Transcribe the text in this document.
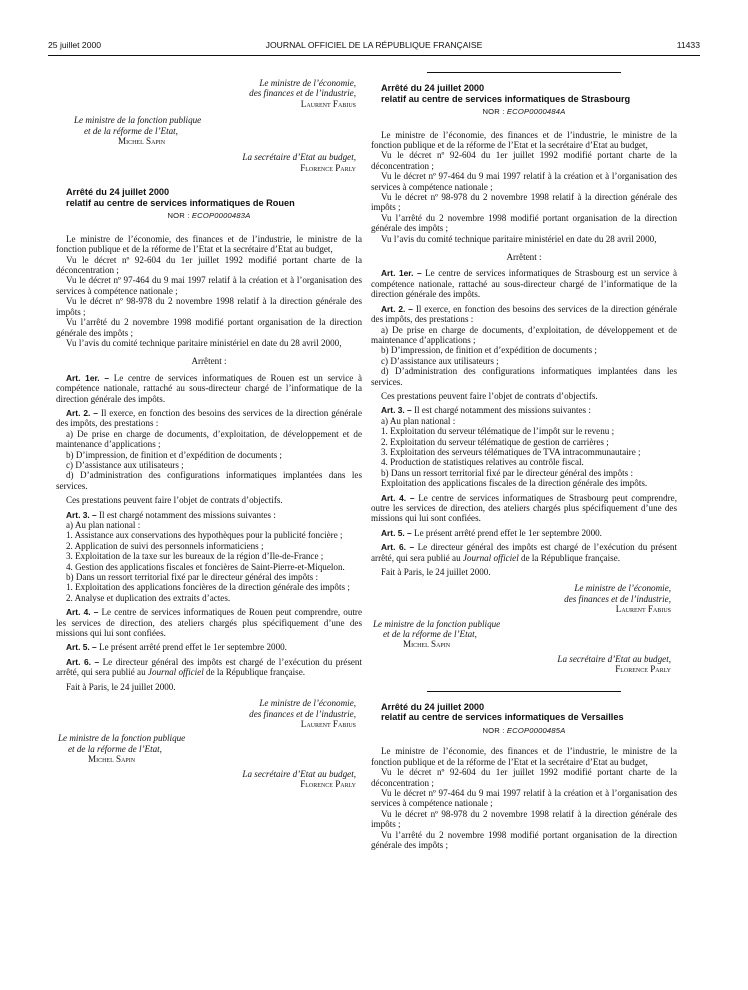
25 juillet 2000	JOURNAL OFFICIEL DE LA RÉPUBLIQUE FRANÇAISE	11433
Le ministre de l’économie,
des finances et de l’industrie,
Laurent Fabius
Le ministre de la fonction publique
et de la réforme de l’Etat,
Michel Sapin
La secrétaire d’Etat au budget,
Florence Parly

Arrêté du 24 juillet 2000

relatif au centre de services informatiques de Rouen

NOR : ECOP0000483A

Le ministre de l’économie, des finances et de l’industrie, le ministre de la fonction publique et de la réforme de l’Etat et la secrétaire d’Etat au budget,

Vu le décret nº 92-604 du 1er juillet 1992 modifié portant charte de la déconcentration ;

Vu le décret nº 97-464 du 9 mai 1997 relatif à la création et à l’organisation des services à compétence nationale ;

Vu le décret nº 98-978 du 2 novembre 1998 relatif à la direction générale des impôts ;

Vu l’arrêté du 2 novembre 1998 modifié portant organisation de la direction générale des impôts ;

Vu l’avis du comité technique paritaire ministériel en date du 28 avril 2000,

Arrêtent :

Art. 1er. – Le centre de services informatiques de Rouen est un service à compétence nationale, rattaché au sous-directeur chargé de l’informatique de la direction générale des impôts.

Art. 2. – Il exerce, en fonction des besoins des services de la direction générale des impôts, des prestations :

a) De prise en charge de documents, d’exploitation, de développement et de maintenance d’applications ;

b) D’impression, de finition et d’expédition de documents ;

c) D’assistance aux utilisateurs ;

d) D’administration des configurations informatiques implantées dans les services.

Ces prestations peuvent faire l’objet de contrats d’objectifs.

Art. 3. – Il est chargé notamment des missions suivantes :

a) Au plan national :

1. Assistance aux conservations des hypothèques pour la publicité foncière ;

2. Application de suivi des personnels informaticiens ;

3. Exploitation de la taxe sur les bureaux de la région d’Ile-de-France ;

4. Gestion des applications fiscales et foncières de Saint-Pierre-et-Miquelon.

b) Dans un ressort territorial fixé par le directeur général des impôts :

1. Exploitation des applications foncières de la direction générale des impôts ;

2. Analyse et duplication des extraits d’actes.

Art. 4. – Le centre de services informatiques de Rouen peut comprendre, outre les services de direction, des ateliers chargés plus spécifiquement d’une des missions qui lui sont confiées.

Art. 5. – Le présent arrêté prend effet le 1er septembre 2000.

Art. 6. – Le directeur général des impôts est chargé de l’exécution du présent arrêté, qui sera publié au Journal officiel de la République française.

Fait à Paris, le 24 juillet 2000.

Le ministre de l’économie,
des finances et de l’industrie,
Laurent Fabius
Le ministre de la fonction publique
et de la réforme de l’Etat,
Michel Sapin
La secrétaire d’Etat au budget,
Florence Parly

Arrêté du 24 juillet 2000

relatif au centre de services informatiques de Strasbourg

NOR : ECOP0000484A

Le ministre de l’économie, des finances et de l’industrie, le ministre de la fonction publique et de la réforme de l’Etat et la secrétaire d’Etat au budget,

Vu le décret nº 92-604 du 1er juillet 1992 modifié portant charte de la déconcentration ;

Vu le décret nº 97-464 du 9 mai 1997 relatif à la création et à l’organisation des services à compétence nationale ;

Vu le décret nº 98-978 du 2 novembre 1998 relatif à la direction générale des impôts ;

Vu l’arrêté du 2 novembre 1998 modifié portant organisation de la direction générale des impôts ;

Vu l’avis du comité technique paritaire ministériel en date du 28 avril 2000,

Arrêtent :

Art. 1er. – Le centre de services informatiques de Strasbourg est un service à compétence nationale, rattaché au sous-directeur chargé de l’informatique de la direction générale des impôts.

Art. 2. – Il exerce, en fonction des besoins des services de la direction générale des impôts, des prestations :

a) De prise en charge de documents, d’exploitation, de développement et de maintenance d’applications ;

b) D’impression, de finition et d’expédition de documents ;

c) D’assistance aux utilisateurs ;

d) D’administration des configurations informatiques implantées dans les services.

Ces prestations peuvent faire l’objet de contrats d’objectifs.

Art. 3. – Il est chargé notamment des missions suivantes :

a) Au plan national :

1. Exploitation du serveur télématique de l’impôt sur le revenu ;

2. Exploitation du serveur télématique de gestion de carrières ;

3. Exploitation des serveurs télématiques de TVA intracommunautaire ;

4. Production de statistiques relatives au contrôle fiscal.

b) Dans un ressort territorial fixé par le directeur général des impôts :

Exploitation des applications fiscales de la direction générale des impôts.

Art. 4. – Le centre de services informatiques de Strasbourg peut comprendre, outre les services de direction, des ateliers chargés plus spécifiquement d’une des missions qui lui sont confiées.

Art. 5. – Le présent arrêté prend effet le 1er septembre 2000.

Art. 6. – Le directeur général des impôts est chargé de l’exécution du présent arrêté, qui sera publié au Journal officiel de la République française.

Fait à Paris, le 24 juillet 2000.

Le ministre de l’économie,
des finances et de l’industrie,
Laurent Fabius
Le ministre de la fonction publique
et de la réforme de l’Etat,
Michel Sapin
La secrétaire d’Etat au budget,
Florence Parly

Arrêté du 24 juillet 2000

relatif au centre de services informatiques de Versailles

NOR : ECOP0000485A

Le ministre de l’économie, des finances et de l’industrie, le ministre de la fonction publique et de la réforme de l’Etat et la secrétaire d’Etat au budget,

Vu le décret nº 92-604 du 1er juillet 1992 modifié portant charte de la déconcentration ;

Vu le décret nº 97-464 du 9 mai 1997 relatif à la création et à l’organisation des services à compétence nationale ;

Vu le décret nº 98-978 du 2 novembre 1998 relatif à la direction générale des impôts ;

Vu l’arrêté du 2 novembre 1998 modifié portant organisation de la direction générale des impôts ;
